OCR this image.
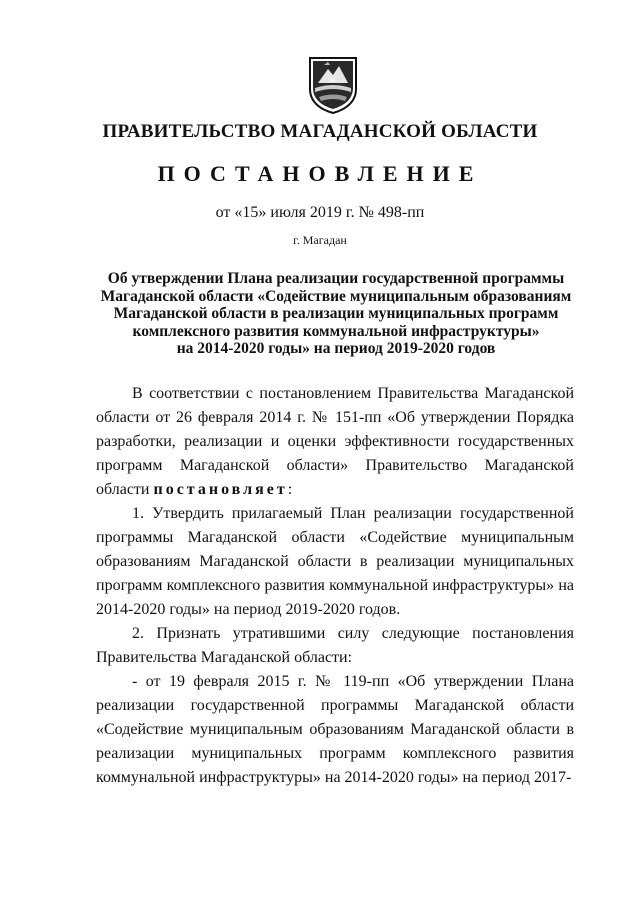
ПРАВИТЕЛЬСТВО МАГАДАНСКОЙ ОБЛАСТИ
ПОСТАНОВЛЕНИЕ
от «15» июля 2019 г. № 498-пп
г. Магадан
Об утверждении Плана реализации государственной программы
Магаданской области «Содействие муниципальным образованиям
Магаданской области в реализации муниципальных программ
комплексного развития коммунальной инфраструктуры»
на 2014-2020 годы» на период 2019-2020 годов

В соответствии с постановлением Правительства Магаданской области от 26 февраля 2014 г. № 151-пп «Об утверждении Порядка разработки, реализации и оценки эффективности государственных программ Магаданской области» Правительство Магаданской области постановляет:

1. Утвердить прилагаемый План реализации государственной программы Магаданской области «Содействие муниципальным образованиям Магаданской области в реализации муниципальных программ комплексного развития коммунальной инфраструктуры» на 2014-2020 годы» на период 2019-2020 годов.

2. Признать утратившими силу следующие постановления Правительства Магаданской области:

- от 19 февраля 2015 г. № 119-пп «Об утверждении Плана реализации государственной программы Магаданской области «Содействие муниципальным образованиям Магаданской области в реализации муниципальных программ комплексного развития коммунальной инфраструктуры» на 2014-2020 годы» на период 2017-
